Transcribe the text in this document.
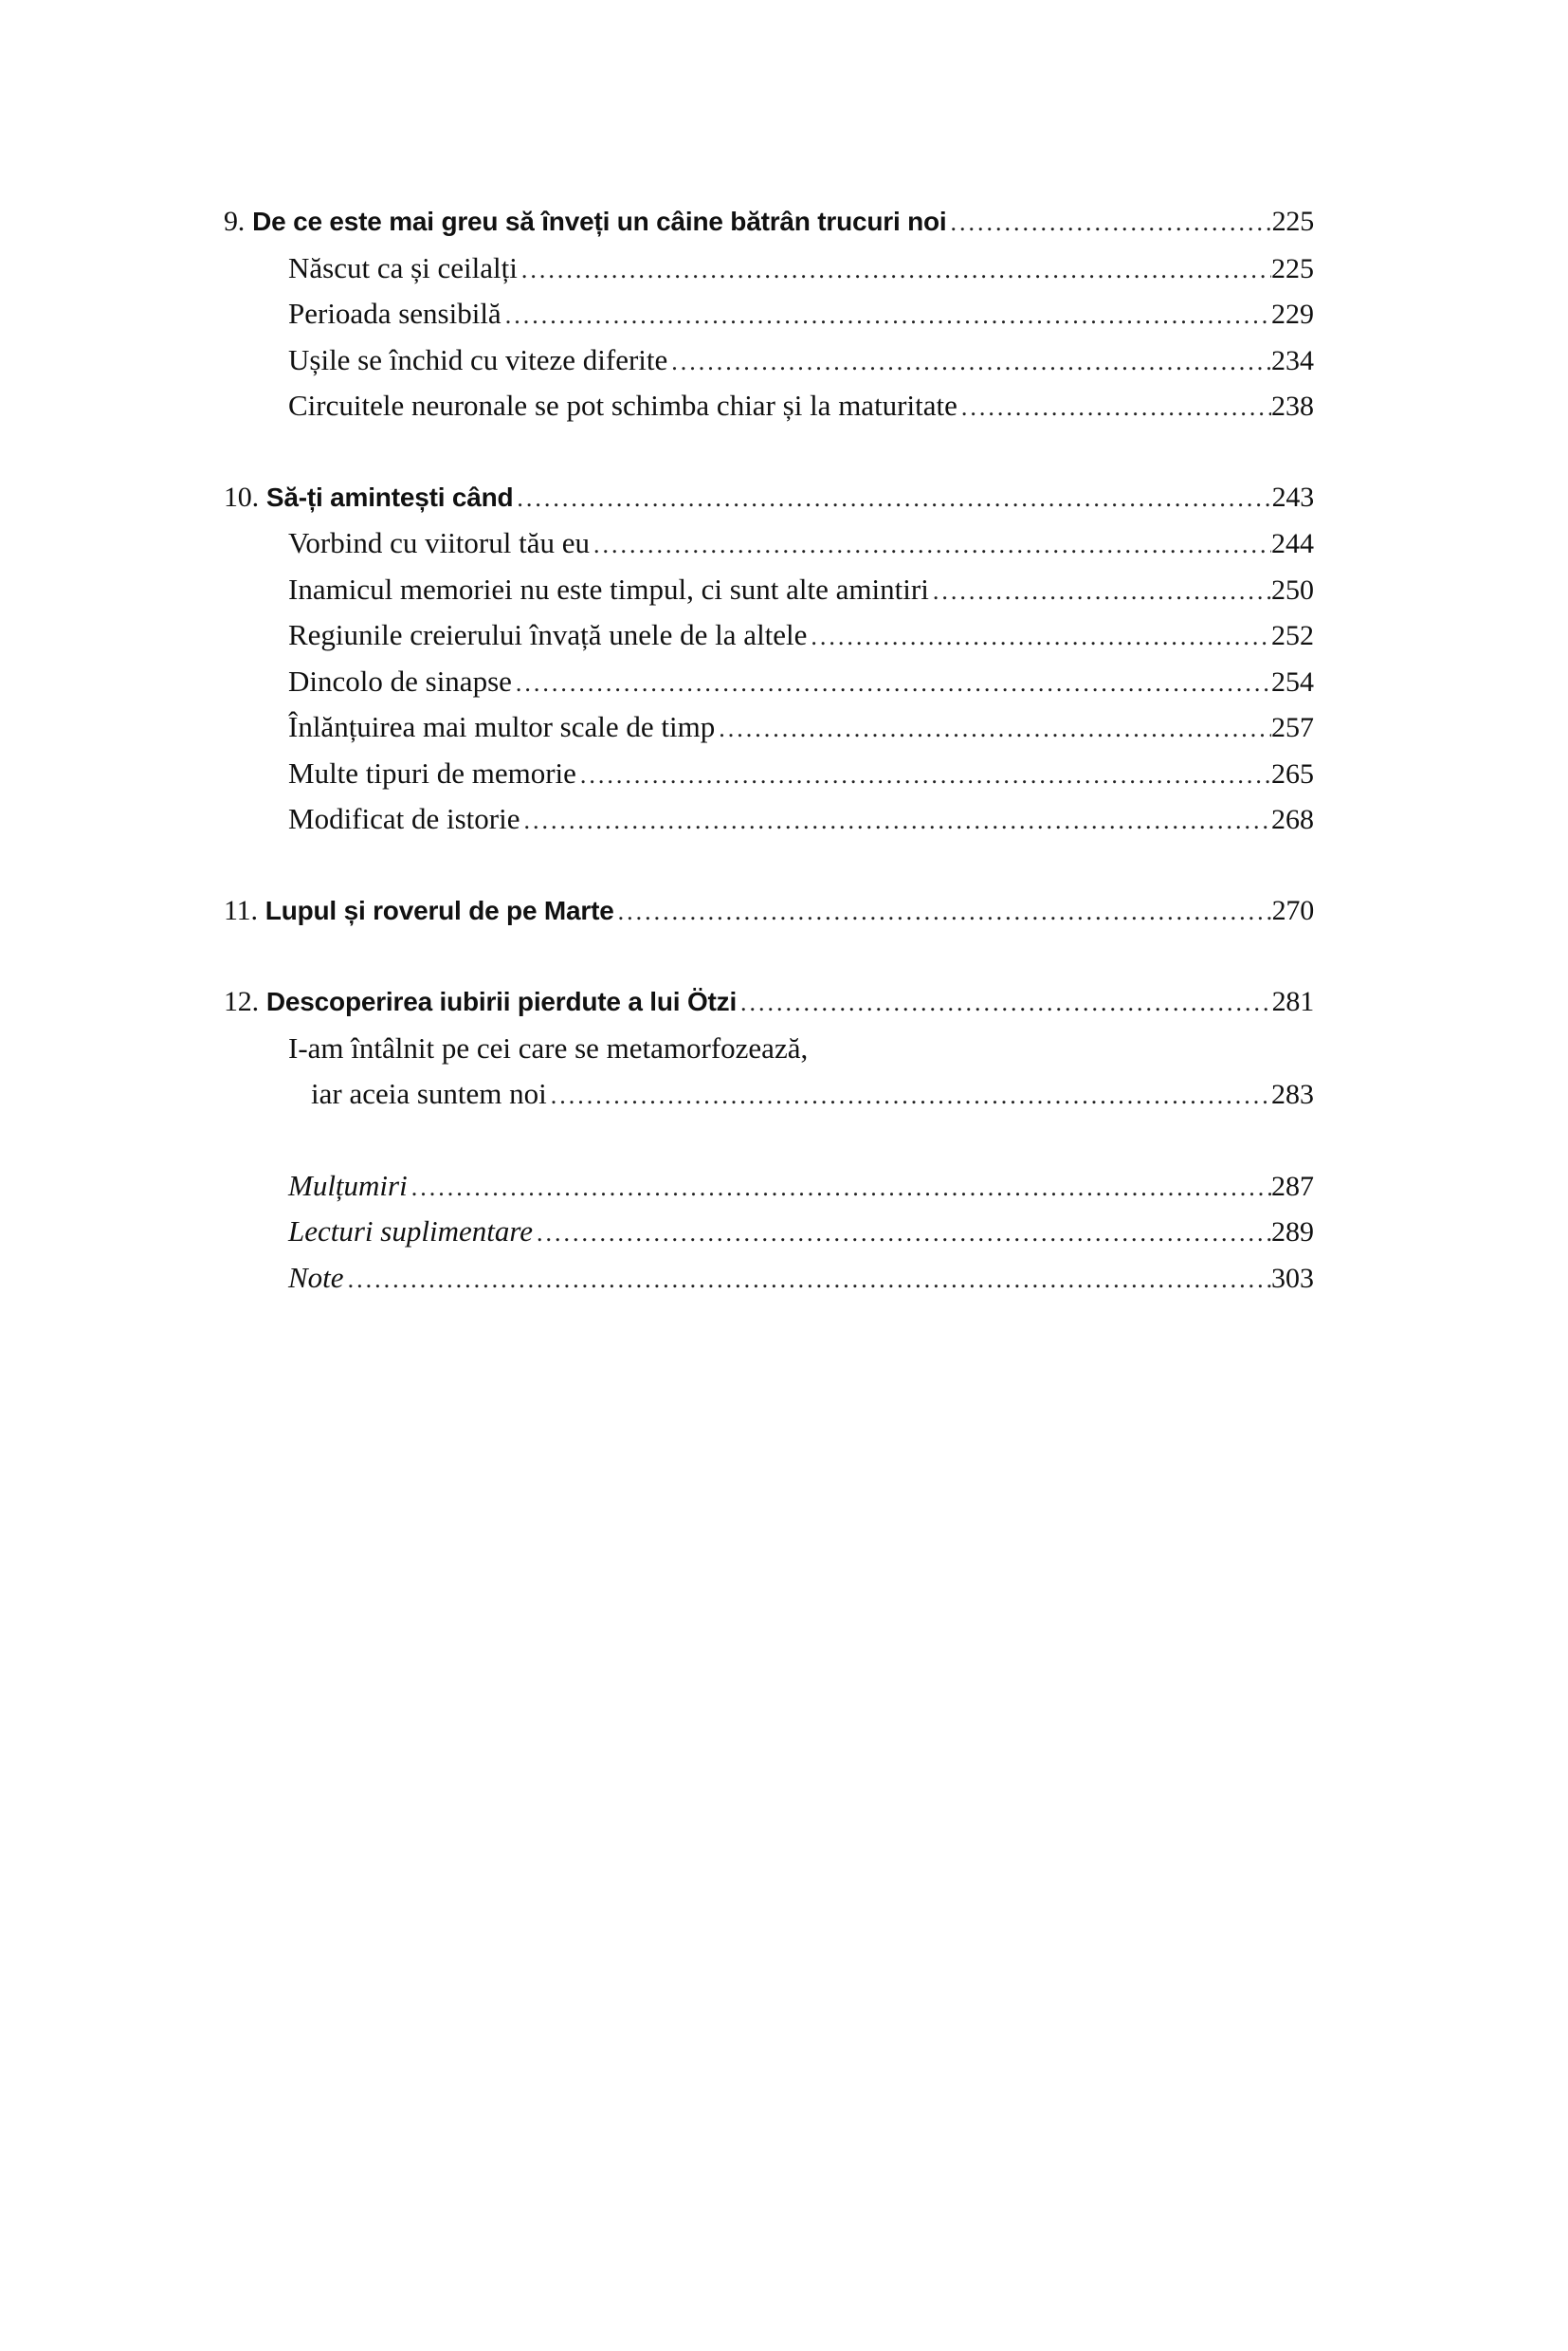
9. De ce este mai greu să înveți un câine bătrân trucuri noi .....	225
Născut ca și ceilalți .....	225
Perioada sensibilă .....	229
Ușile se închid cu viteze diferite .....	234
Circuitele neuronale se pot schimba chiar și la maturitate .....	238
10. Să-ți amintești când .....	243
Vorbind cu viitorul tău eu .....	244
Inamicul memoriei nu este timpul, ci sunt alte amintiri .....	250
Regiunile creierului învață unele de la altele .....	252
Dincolo de sinapse .....	254
Înlănțuirea mai multor scale de timp .....	257
Multe tipuri de memorie .....	265
Modificat de istorie .....	268
11. Lupul și roverul de pe Marte .....	270
12. Descoperirea iubirii pierdute a lui Ötzi .....	281
I-am întâlnit pe cei care se metamorfozează,
iar aceia suntem noi .....	283
Mulțumiri .....	287
Lecturi suplimentare .....	289
Note .....	303
